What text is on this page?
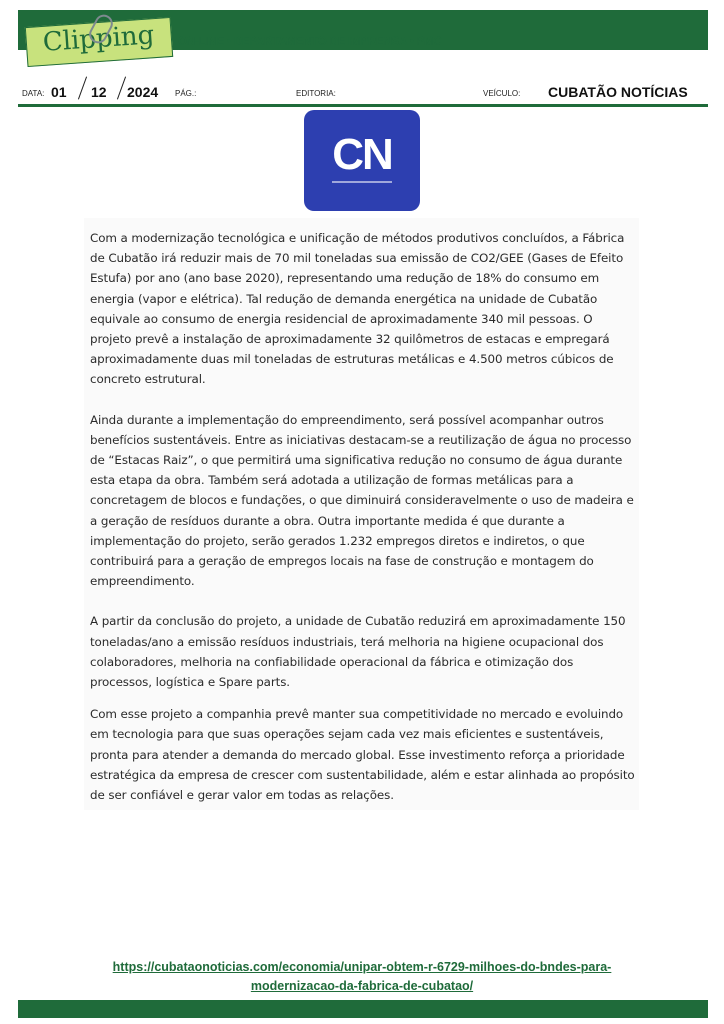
Clipping ON-LINE • DEPARTAMENTO DE IMPRENSA • PMC
DATA: 01 12 2024 PÁG.:	EDITORIA:	VEÍCULO: CUBATÃO NOTÍCIAS
CN

Com a modernização tecnológica e unificação de métodos produtivos concluídos, a Fábrica de Cubatão irá reduzir mais de 70 mil toneladas sua emissão de CO2/GEE (Gases de Efeito Estufa) por ano (ano base 2020), representando uma redução de 18% do consumo em energia (vapor e elétrica). Tal redução de demanda energética na unidade de Cubatão equivale ao consumo de energia residencial de aproximadamente 340 mil pessoas. O projeto prevê a instalação de aproximadamente 32 quilômetros de estacas e empregará aproximadamente duas mil toneladas de estruturas metálicas e 4.500 metros cúbicos de concreto estrutural.

Ainda durante a implementação do empreendimento, será possível acompanhar outros benefícios sustentáveis. Entre as iniciativas destacam-se a reutilização de água no processo de “Estacas Raiz”, o que permitirá uma significativa redução no consumo de água durante esta etapa da obra. Também será adotada a utilização de formas metálicas para a concretagem de blocos e fundações, o que diminuirá consideravelmente o uso de madeira e a geração de resíduos durante a obra. Outra importante medida é que durante a implementação do projeto, serão gerados 1.232 empregos diretos e indiretos, o que contribuirá para a geração de empregos locais na fase de construção e montagem do empreendimento.

A partir da conclusão do projeto, a unidade de Cubatão reduzirá em aproximadamente 150 toneladas/ano a emissão resíduos industriais, terá melhoria na higiene ocupacional dos colaboradores, melhoria na confiabilidade operacional da fábrica e otimização dos processos, logística e Spare parts.

Com esse projeto a companhia prevê manter sua competitividade no mercado e evoluindo em tecnologia para que suas operações sejam cada vez mais eficientes e sustentáveis, pronta para atender a demanda do mercado global. Esse investimento reforça a prioridade estratégica da empresa de crescer com sustentabilidade, além e estar alinhada ao propósito de ser confiável e gerar valor em todas as relações.

https://cubataonoticias.com/economia/unipar-obtem-r-6729-milhoes-do-bndes-para-
modernizacao-da-fabrica-de-cubatao/
